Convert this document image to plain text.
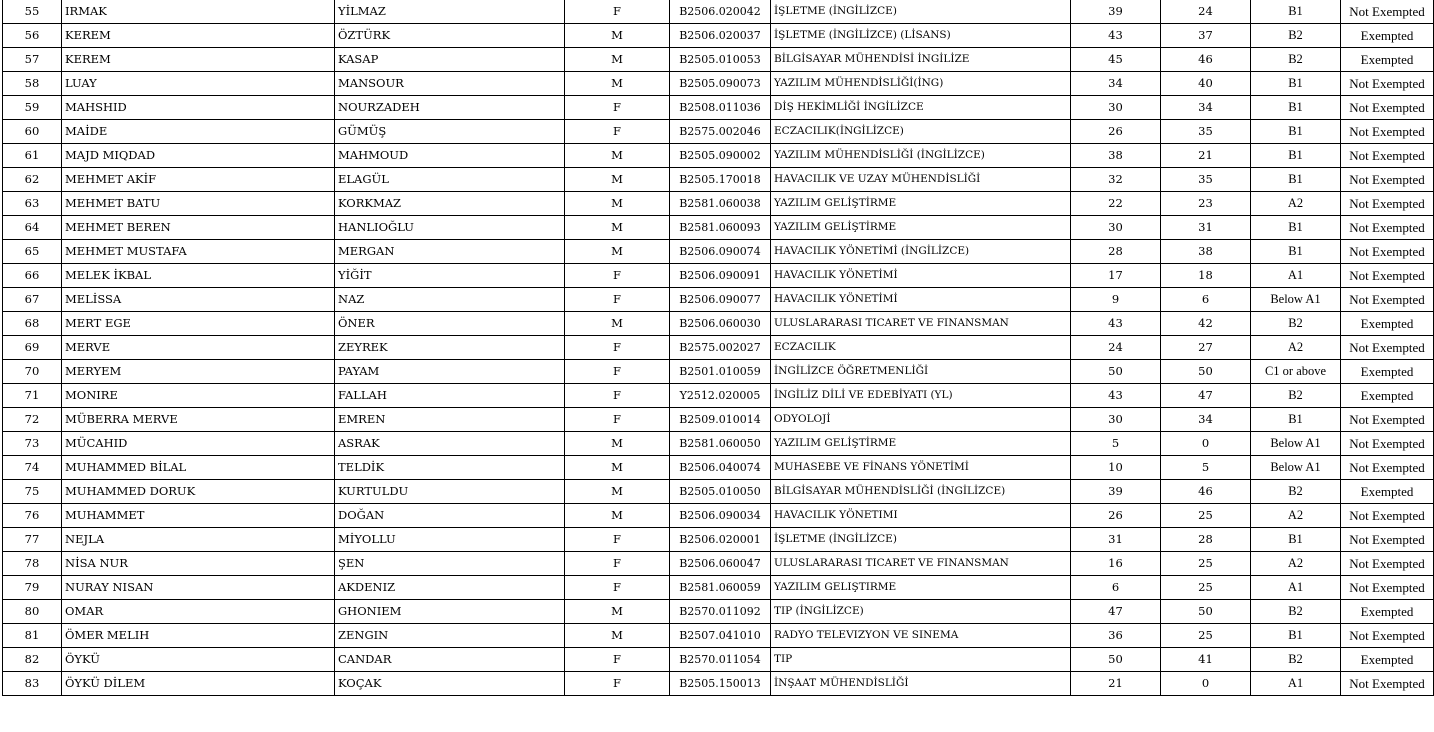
55	IRMAK	YİLMAZ	F	B2506.020042	İŞLETME (İNGİLİZCE)	39	24	B1	Not Exempted
56	KEREM	ÖZTÜRK	M	B2506.020037	İŞLETME (İNGİLİZCE) (LİSANS)	43	37	B2	Exempted
57	KEREM	KASAP	M	B2505.010053	BİLGİSAYAR MÜHENDİSİ İNGİLİZE	45	46	B2	Exempted
58	LUAY	MANSOUR	M	B2505.090073	YAZILIM MÜHENDİSLİĞİ(İNG)	34	40	B1	Not Exempted
59	MAHSHID	NOURZADEH	F	B2508.011036	DİŞ HEKİMLİĞİ İNGİLİZCE	30	34	B1	Not Exempted
60	MAİDE	GÜMÜŞ	F	B2575.002046	ECZACILIK(İNGİLİZCE)	26	35	B1	Not Exempted
61	MAJD MIQDAD	MAHMOUD	M	B2505.090002	YAZILIM MÜHENDİSLİĞİ (İNGİLİZCE)	38	21	B1	Not Exempted
62	MEHMET AKİF	ELAGÜL	M	B2505.170018	HAVACILIK VE UZAY MÜHENDİSLİĞİ	32	35	B1	Not Exempted
63	MEHMET BATU	KORKMAZ	M	B2581.060038	YAZILIM GELİŞTİRME	22	23	A2	Not Exempted
64	MEHMET BEREN	HANLIOĞLU	M	B2581.060093	YAZILIM GELİŞTİRME	30	31	B1	Not Exempted
65	MEHMET MUSTAFA	MERGAN	M	B2506.090074	HAVACILIK YÖNETİMİ (İNGİLİZCE)	28	38	B1	Not Exempted
66	MELEK İKBAL	YİĞİT	F	B2506.090091	HAVACILIK YÖNETİMİ	17	18	A1	Not Exempted
67	MELİSSA	NAZ	F	B2506.090077	HAVACILIK YÖNETİMİ	9	6	Below A1	Not Exempted
68	MERT EGE	ÖNER	M	B2506.060030	ULUSLARARASI TICARET VE FINANSMAN	43	42	B2	Exempted
69	MERVE	ZEYREK	F	B2575.002027	ECZACILIK	24	27	A2	Not Exempted
70	MERYEM	PAYAM	F	B2501.010059	İNGİLİZCE ÖĞRETMENLİĞİ	50	50	C1 or above	Exempted
71	MONIRE	FALLAH	F	Y2512.020005	İNGİLİZ DİLİ VE EDEBİYATI (YL)	43	47	B2	Exempted
72	MÜBERRA MERVE	EMREN	F	B2509.010014	ODYOLOJİ	30	34	B1	Not Exempted
73	MÜCAHID	ASRAK	M	B2581.060050	YAZILIM GELİŞTİRME	5	0	Below A1	Not Exempted
74	MUHAMMED BİLAL	TELDİK	M	B2506.040074	MUHASEBE VE FİNANS YÖNETİMİ	10	5	Below A1	Not Exempted
75	MUHAMMED DORUK	KURTULDU	M	B2505.010050	BİLGİSAYAR MÜHENDİSLİĞİ (İNGİLİZCE)	39	46	B2	Exempted
76	MUHAMMET	DOĞAN	M	B2506.090034	HAVACILIK YÖNETIMI	26	25	A2	Not Exempted
77	NEJLA	MİYOLLU	F	B2506.020001	İŞLETME (İNGİLİZCE)	31	28	B1	Not Exempted
78	NİSA NUR	ŞEN	F	B2506.060047	ULUSLARARASI TICARET VE FINANSMAN	16	25	A2	Not Exempted
79	NURAY NISAN	AKDENIZ	F	B2581.060059	YAZILIM GELIŞTIRME	6	25	A1	Not Exempted
80	OMAR	GHONIEM	M	B2570.011092	TIP (İNGİLİZCE)	47	50	B2	Exempted
81	ÖMER MELIH	ZENGIN	M	B2507.041010	RADYO TELEVIZYON VE SINEMA	36	25	B1	Not Exempted
82	ÖYKÜ	CANDAR	F	B2570.011054	TIP	50	41	B2	Exempted
83	ÖYKÜ DİLEM	KOÇAK	F	B2505.150013	İNŞAAT MÜHENDİSLİĞİ	21	0	A1	Not Exempted
